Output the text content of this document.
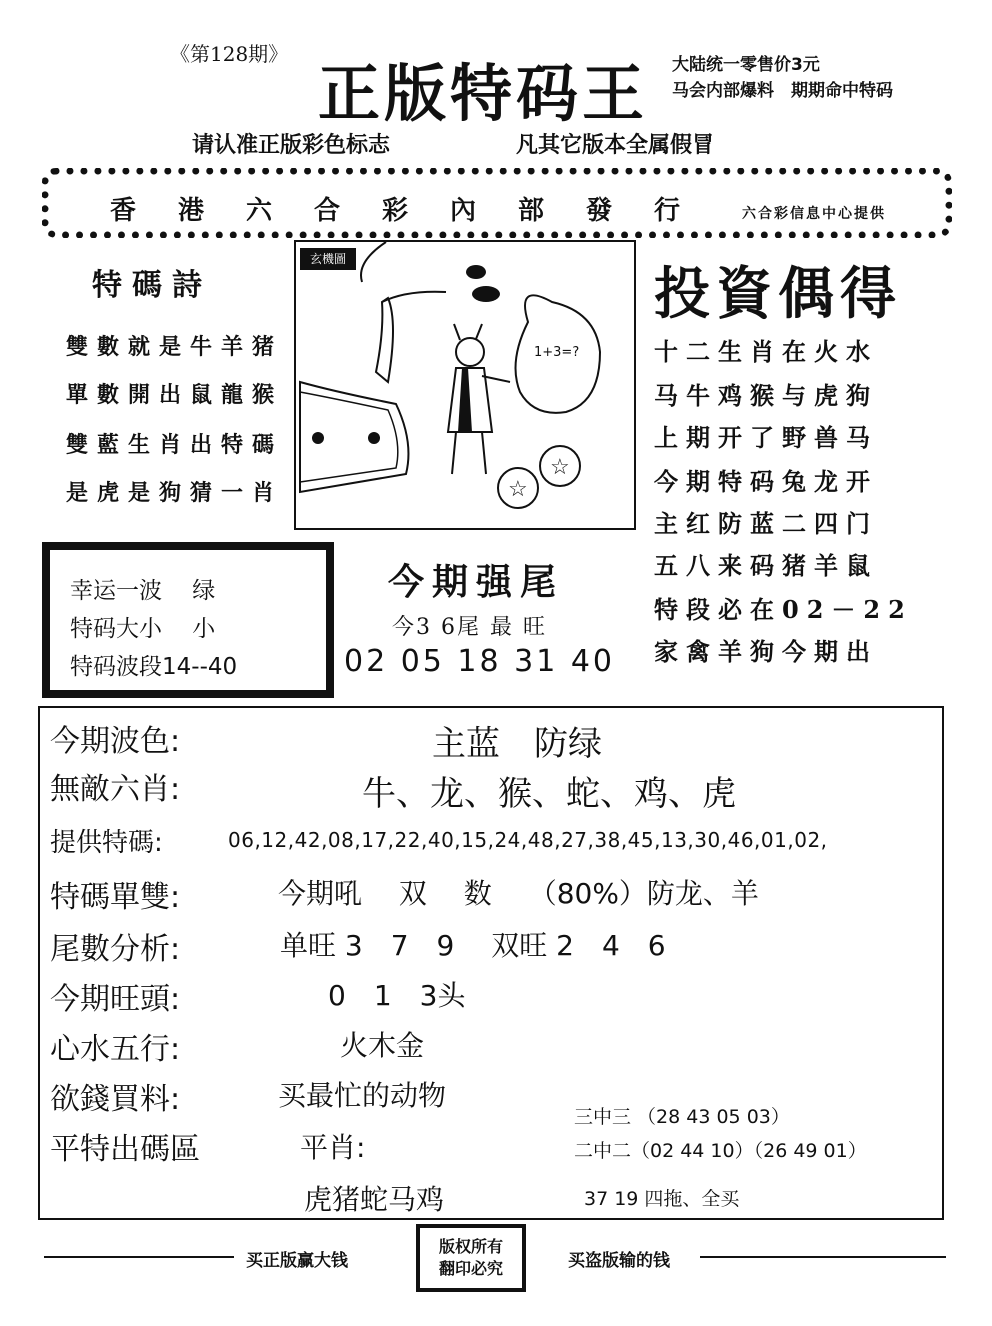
《第128期》
正版特码王 大陆统一零售价3元
马会内部爆料　期期命中特码
请认准正版彩色标志	凡其它版本全属假冒
香港六合彩內部發行 六合彩信息中心提供
特碼詩
雙數就是牛羊猪
單數開出鼠龍猴
雙藍生肖出特碼
是虎是狗猜一肖
1+3=?
☆
☆
玄機圖
投資偶得
十二生肖在火水
马牛鸡猴与虎狗
上期开了野兽马
今期特码兔龙开
主红防蓝二四门
五八来码猪羊鼠
特段必在02－22
家禽羊狗今期出
幸运一波　 绿
特码大小　 小
特码波段14--40
今期强尾
今3 6尾 最 旺
02 05 18 31 40
今期波色:	主蓝　防绿
無敵六肖:	牛、龙、猴、蛇、鸡、虎
提供特碼:	06,12,42,08,17,22,40,15,24,48,27,38,45,13,30,46,01,02,
特碼單雙:	今期吼　 双　 数　 （80%）防龙、羊
尾數分析:	单旺 3　7　9　 双旺 2　4　6
今期旺頭:	0　1　3头
心水五行:	火木金
欲錢買料:	买最忙的动物
平特出碼區	平肖:
虎猪蛇马鸡
三中三 （28 43 05 03）
二中二（02 44 10）（26 49 01）
37 19 四拖、全买
买正版赢大钱
版权所有
翻印必究	买盗版输的钱
